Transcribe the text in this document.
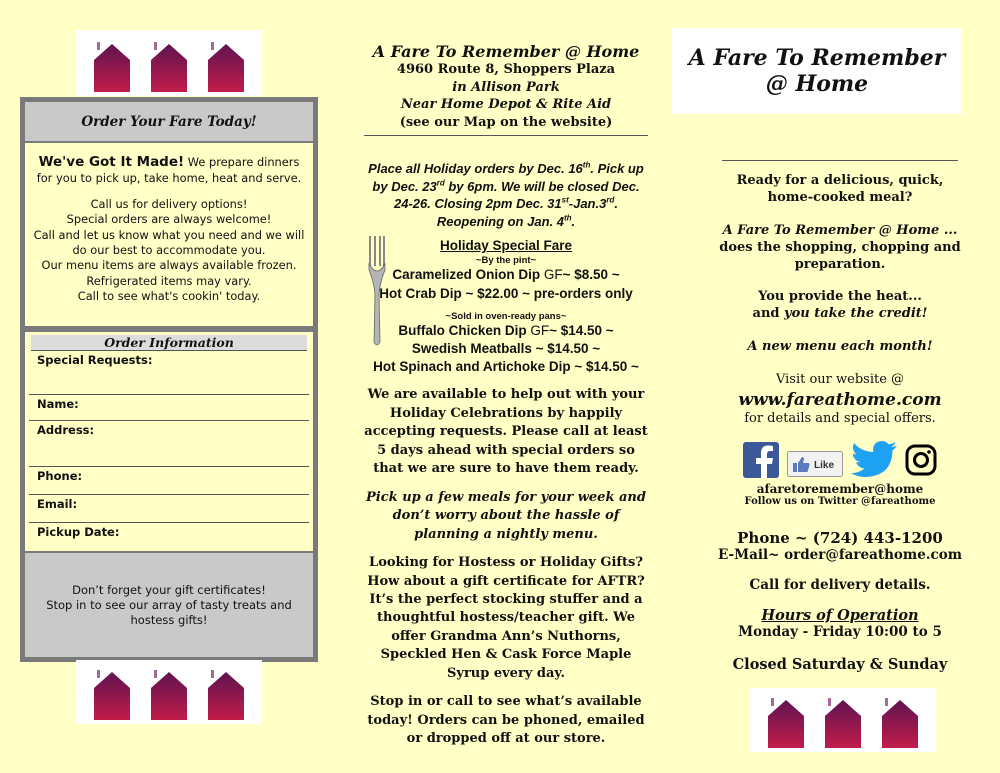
Order Your Fare Today!

We've Got It Made! We prepare dinners for you to pick up, take home, heat and serve.

Call us for delivery options!

Special orders are always welcome!
Call and let us know what you need and we will do our best to accommodate you.
Our menu items are always available frozen.
Refrigerated items may vary.
Call to see what's cookin' today.
Order Information
Special Requests:
Name:
Address:
Phone:
Email:
Pickup Date:
Don’t forget your gift certificates!
Stop in to see our array of tasty treats and hostess gifts!
A Fare To Remember @ Home
4960 Route 8, Shoppers Plaza
in Allison Park
Near Home Depot & Rite Aid
(see our Map on the website)
Place all Holiday orders by Dec. 16th. Pick up by Dec. 23rd by 6pm. We will be closed Dec. 24-26. Closing 2pm Dec. 31st-Jan.3rd. Reopening on Jan. 4th.
Holiday Special Fare
~By the pint~
Caramelized Onion Dip GF~ $8.50 ~
Hot Crab Dip ~ $22.00 ~ pre-orders only
~Sold in oven-ready pans~
Buffalo Chicken Dip GF~ $14.50 ~
Swedish Meatballs ~ $14.50 ~
Hot Spinach and Artichoke Dip ~ $14.50 ~
We are available to help out with your Holiday Celebrations by happily accepting requests. Please call at least 5 days ahead with special orders so that we are sure to have them ready.
Pick up a few meals for your week and don’t worry about the hassle of planning a nightly menu.
Looking for Hostess or Holiday Gifts? How about a gift certificate for AFTR? It’s the perfect stocking stuffer and a thoughtful hostess/teacher gift. We offer Grandma Ann’s Nuthorns, Speckled Hen & Cask Force Maple Syrup every day.
Stop in or call to see what’s available today! Orders can be phoned, emailed or dropped off at our store.
A Fare To Remember
@ Home
Ready for a delicious, quick, home-cooked meal?
A Fare To Remember @ Home ... does the shopping, chopping and preparation.
You provide the heat...
and you take the credit!
A new menu each month!
Visit our website @
www.fareathome.com
for details and special offers.
Like
afaretoremember@home
Follow us on Twitter @fareathome
Phone ~ (724) 443-1200
E-Mail~ order@fareathome.com
Call for delivery details.
Hours of Operation
Monday - Friday 10:00 to 5
Closed Saturday & Sunday
